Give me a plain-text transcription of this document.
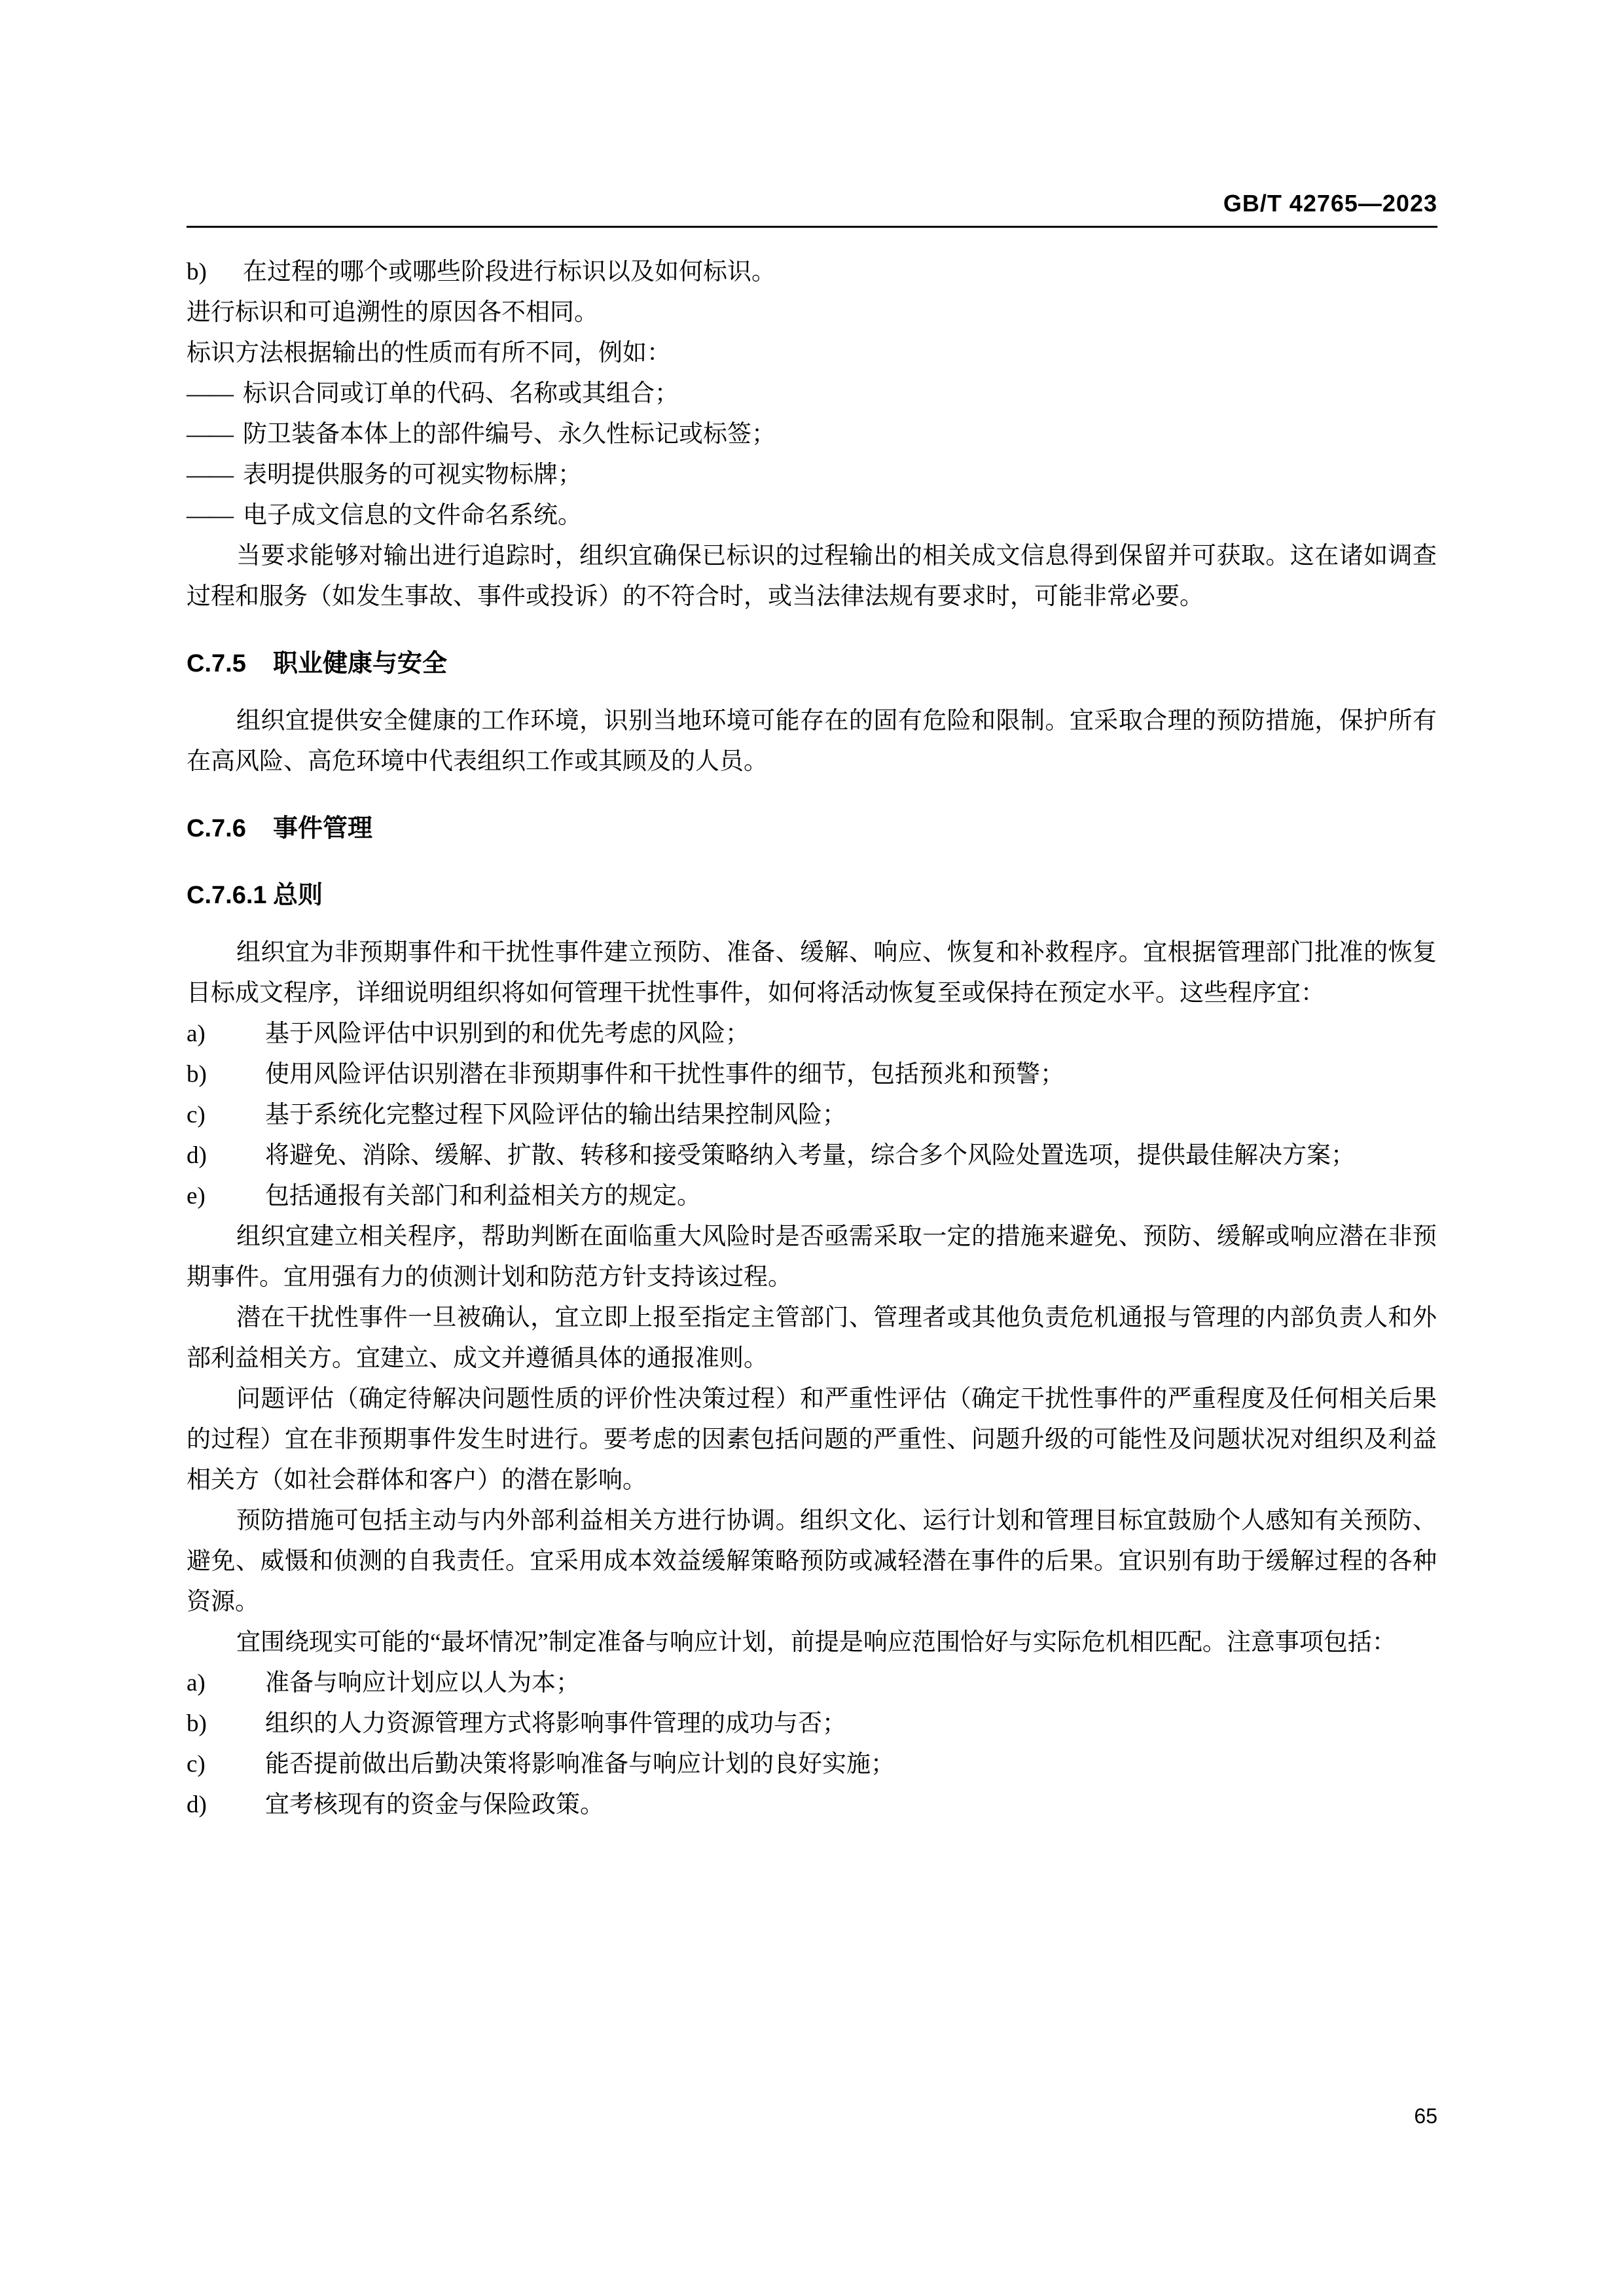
GB/T 42765—2023
b)	在过程的哪个或哪些阶段进行标识以及如何标识。

进行标识和可追溯性的原因各不相同。

标识方法根据输出的性质而有所不同，例如：

—— 标识合同或订单的代码、名称或其组合；
—— 防卫装备本体上的部件编号、永久性标记或标签；
—— 表明提供服务的可视实物标牌；
—— 电子成文信息的文件命名系统。

当要求能够对输出进行追踪时，组织宜确保已标识的过程输出的相关成文信息得到保留并可获取。这在诸如调查过程和服务（如发生事故、事件或投诉）的不符合时，或当法律法规有要求时，可能非常必要。

C.7.5 职业健康与安全

组织宜提供安全健康的工作环境，识别当地环境可能存在的固有危险和限制。宜采取合理的预防措施，保护所有在高风险、高危环境中代表组织工作或其顾及的人员。

C.7.6 事件管理
C.7.6.1 总则

组织宜为非预期事件和干扰性事件建立预防、准备、缓解、响应、恢复和补救程序。宜根据管理部门批准的恢复目标成文程序，详细说明组织将如何管理干扰性事件，如何将活动恢复至或保持在预定水平。这些程序宜：

a)	基于风险评估中识别到的和优先考虑的风险；
b)	使用风险评估识别潜在非预期事件和干扰性事件的细节，包括预兆和预警；
c)	基于系统化完整过程下风险评估的输出结果控制风险；
d)	将避免、消除、缓解、扩散、转移和接受策略纳入考量，综合多个风险处置选项，提供最佳解决方案；
e)	包括通报有关部门和利益相关方的规定。

组织宜建立相关程序，帮助判断在面临重大风险时是否亟需采取一定的措施来避免、预防、缓解或响应潜在非预期事件。宜用强有力的侦测计划和防范方针支持该过程。

潜在干扰性事件一旦被确认，宜立即上报至指定主管部门、管理者或其他负责危机通报与管理的内部负责人和外部利益相关方。宜建立、成文并遵循具体的通报准则。

问题评估（确定待解决问题性质的评价性决策过程）和严重性评估（确定干扰性事件的严重程度及任何相关后果的过程）宜在非预期事件发生时进行。要考虑的因素包括问题的严重性、问题升级的可能性及问题状况对组织及利益相关方（如社会群体和客户）的潜在影响。

预防措施可包括主动与内外部利益相关方进行协调。组织文化、运行计划和管理目标宜鼓励个人感知有关预防、避免、威慑和侦测的自我责任。宜采用成本效益缓解策略预防或减轻潜在事件的后果。宜识别有助于缓解过程的各种资源。

宜围绕现实可能的“最坏情况”制定准备与响应计划，前提是响应范围恰好与实际危机相匹配。注意事项包括：

a)	准备与响应计划应以人为本；
b)	组织的人力资源管理方式将影响事件管理的成功与否；
c)	能否提前做出后勤决策将影响准备与响应计划的良好实施；
d)	宜考核现有的资金与保险政策。
65
